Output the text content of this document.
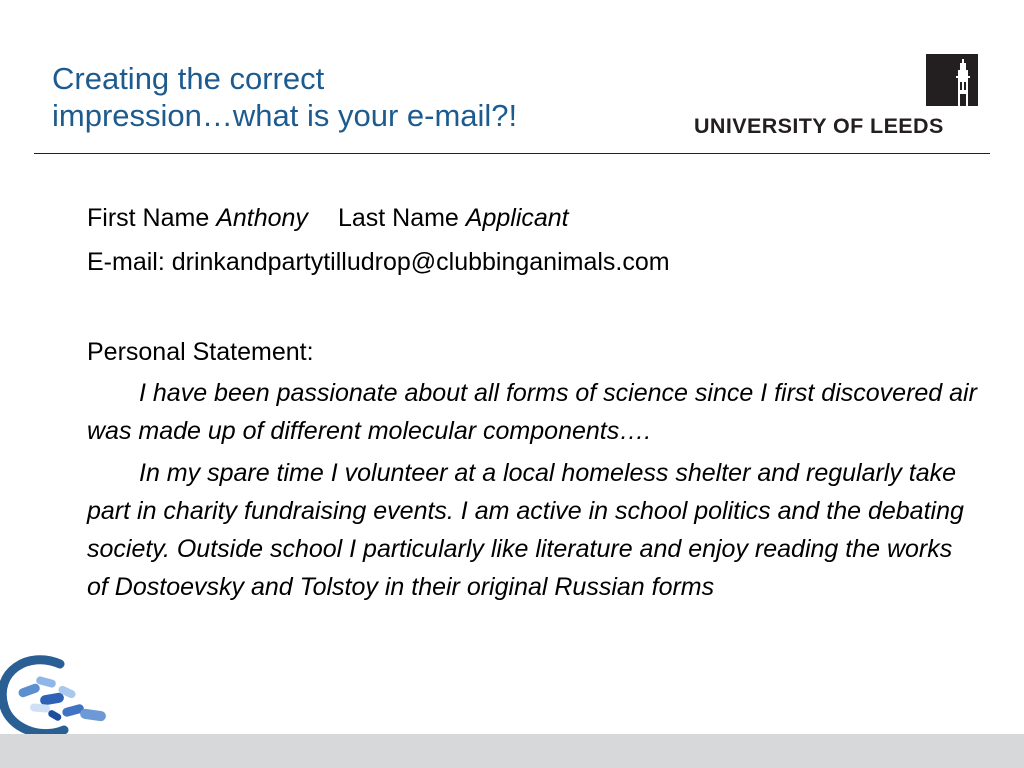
Creating the correct
impression…what is your e-mail?!	UNIVERSITY OF LEEDS
First Name Anthony Last Name Applicant
E-mail: drinkandpartytilludrop@clubbinganimals.com
Personal Statement:
I have been passionate about all forms of science since I first discovered air was made up of different molecular components….
In my spare time I volunteer at a local homeless shelter and regularly take part in charity fundraising events. I am active in school politics and the debating society. Outside school I particularly like literature and enjoy reading the works of Dostoevsky and Tolstoy in their original Russian forms
